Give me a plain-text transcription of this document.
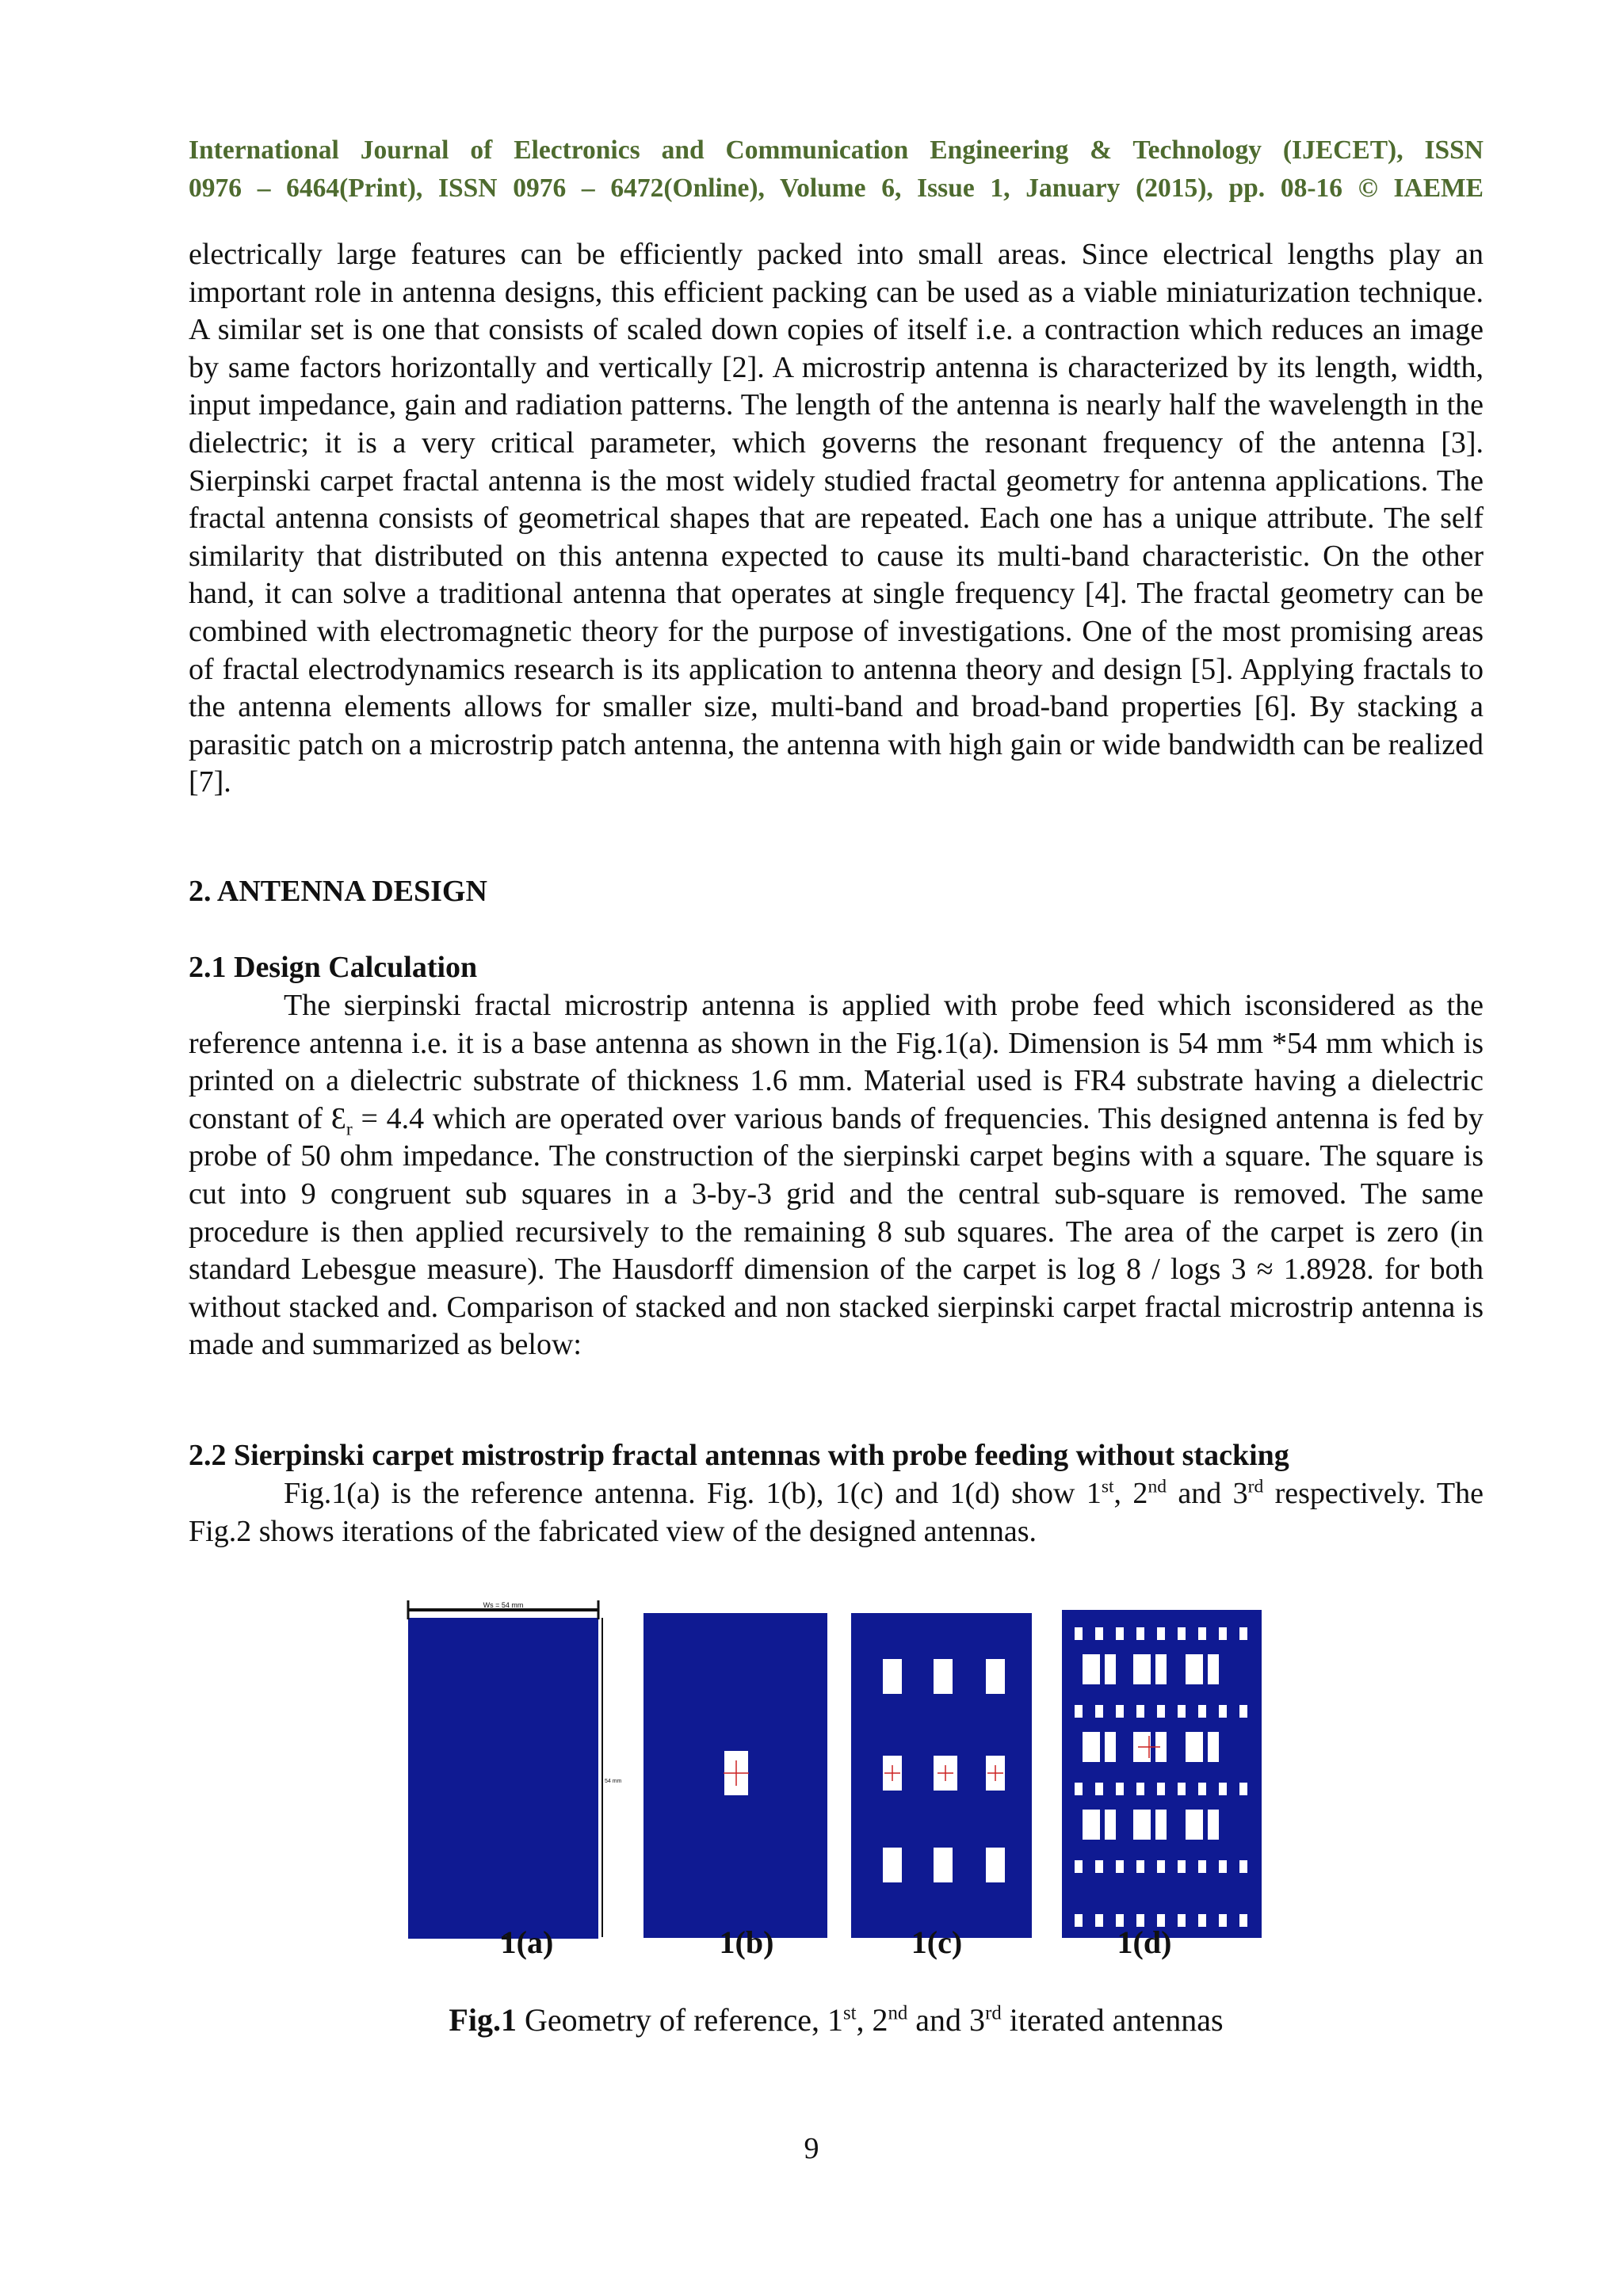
International Journal of Electronics and Communication Engineering & Technology (IJECET), ISSN
0976 – 6464(Print), ISSN 0976 – 6472(Online), Volume 6, Issue 1, January (2015), pp. 08-16 © IAEME
electrically large features can be efficiently packed into small areas. Since electrical lengths play an important role in antenna designs, this efficient packing can be used as a viable miniaturization technique. A similar set is one that consists of scaled down copies of itself i.e. a contraction which reduces an image by same factors horizontally and vertically [2]. A microstrip antenna is characterized by its length, width, input impedance, gain and radiation patterns. The length of the antenna is nearly half the wavelength in the dielectric; it is a very critical parameter, which governs the resonant frequency of the antenna [3]. Sierpinski carpet fractal antenna is the most widely studied fractal geometry for antenna applications. The fractal antenna consists of geometrical shapes that are repeated. Each one has a unique attribute. The self similarity that distributed on this antenna expected to cause its multi-band characteristic. On the other hand, it can solve a traditional antenna that operates at single frequency [4]. The fractal geometry can be combined with electromagnetic theory for the purpose of investigations. One of the most promising areas of fractal electrodynamics research is its application to antenna theory and design [5]. Applying fractals to the antenna elements allows for smaller size, multi-band and broad-band properties [6]. By stacking a parasitic patch on a microstrip patch antenna, the antenna with high gain or wide bandwidth can be realized [7].
2. ANTENNA DESIGN
2.1 Design Calculation
The sierpinski fractal microstrip antenna is applied with probe feed which isconsidered as the reference antenna i.e. it is a base antenna as shown in the Fig.1(a). Dimension is 54 mm *54 mm which is printed on a dielectric substrate of thickness 1.6 mm. Material used is FR4 substrate having a dielectric constant of $Ɛ_r = 4.4$ which are operated over various bands of frequencies. This designed antenna is fed by probe of 50 ohm impedance. The construction of the sierpinski carpet begins with a square. The square is cut into 9 congruent sub squares in a 3-by-3 grid and the central sub-square is removed. The same procedure is then applied recursively to the remaining 8 sub squares. The area of the carpet is zero (in standard Lebesgue measure). The Hausdorff dimension of the carpet is log 8 / logs 3 ≈ 1.8928. for both without stacked and. Comparison of stacked and non stacked sierpinski carpet fractal microstrip antenna is made and summarized as below:
2.2 Sierpinski carpet mistrostrip fractal antennas with probe feeding without stacking
Fig.1(a) is the reference antenna. Fig. 1(b), 1(c) and 1(d) show 1st, 2nd and 3rd respectively. The Fig.2 shows iterations of the fabricated view of the designed antennas.
Ws = 54 mm
54 mm
1(a)	1(b)	1(c)	1(d)
Fig.1 Geometry of reference, 1st, 2nd and 3rd iterated antennas
9
